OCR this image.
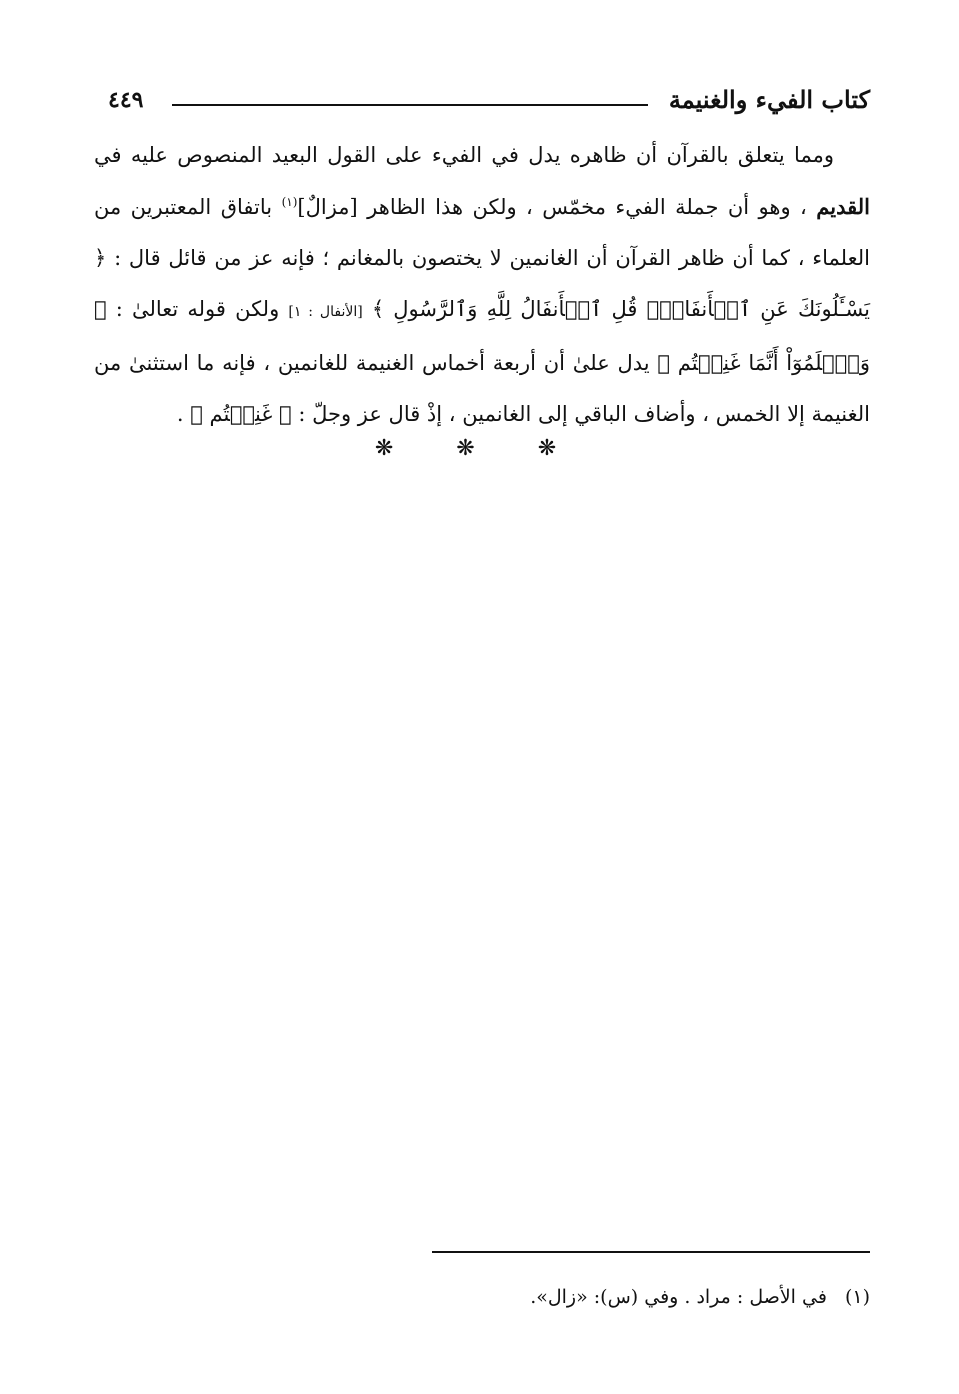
كتاب الفيء والغنيمة
٤٤٩

ومما يتعلق بالقرآن أن ظاهره يدل في الفيء على القول البعيد المنصوص عليه في القديم ، وهو أن جملة الفيء مخمّس ، ولكن هذا الظاهر [مزالٌ]$^{(١)}$ باتفاق المعتبرين من العلماء ، كما أن ظاهر القرآن أن الغانمين لا يختصون بالمغانم ؛ فإنه عز من قائل قال : ﴿ يَسْـَٔلُونَكَ عَنِ ٱلۡأَنفَالِۖ قُلِ ٱلۡأَنفَالُ لِلَّهِ وَٱلرَّسُولِ ﴾ [الأنفال : ١] ولكن قوله تعالىٰ : ﴿ وَٱعۡلَمُوٓاْ أَنَّمَا غَنِمۡتُم ﴾ يدل علىٰ أن أربعة أخماس الغنيمة للغانمين ، فإنه ما استثنىٰ من الغنيمة إلا الخمس ، وأضاف الباقي إلى الغانمين ، إذْ قال عز وجلّ : ﴿ غَنِمۡتُم ﴾ .

❋ ❋ ❋
(١)في الأصل : مراد . وفي (س): «زال».
